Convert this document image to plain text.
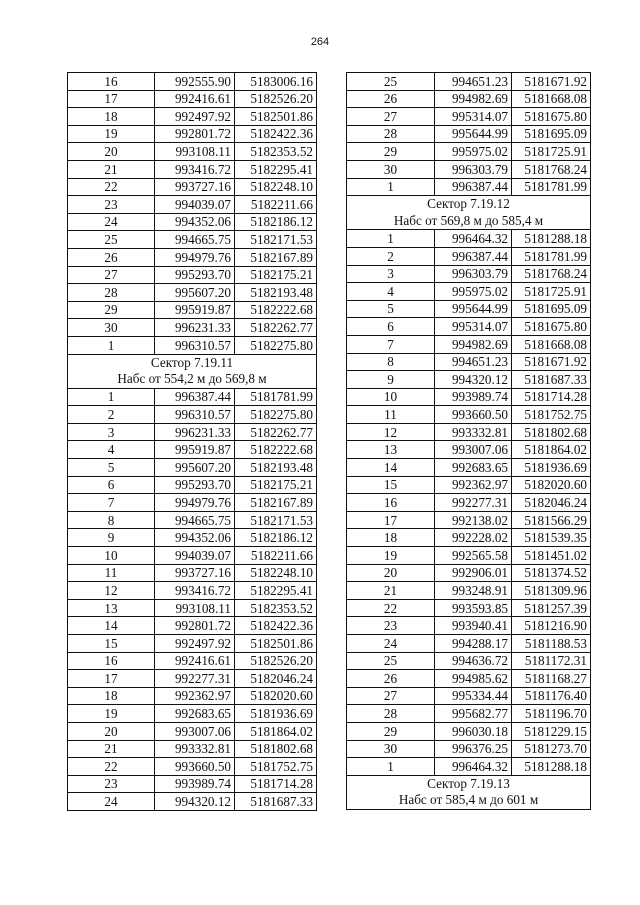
264
16	992555.90	5183006.16
17	992416.61	5182526.20
18	992497.92	5182501.86
19	992801.72	5182422.36
20	993108.11	5182353.52
21	993416.72	5182295.41
22	993727.16	5182248.10
23	994039.07	5182211.66
24	994352.06	5182186.12
25	994665.75	5182171.53
26	994979.76	5182167.89
27	995293.70	5182175.21
28	995607.20	5182193.48
29	995919.87	5182222.68
30	996231.33	5182262.77
1	996310.57	5182275.80

Сектор 7.19.11
Набс от 554,2 м до 569,8 м		

1	996387.44	5181781.99
2	996310.57	5182275.80
3	996231.33	5182262.77
4	995919.87	5182222.68
5	995607.20	5182193.48
6	995293.70	5182175.21
7	994979.76	5182167.89
8	994665.75	5182171.53
9	994352.06	5182186.12
10	994039.07	5182211.66
11	993727.16	5182248.10
12	993416.72	5182295.41
13	993108.11	5182353.52
14	992801.72	5182422.36
15	992497.92	5182501.86
16	992416.61	5182526.20
17	992277.31	5182046.24
18	992362.97	5182020.60
19	992683.65	5181936.69
20	993007.06	5181864.02
21	993332.81	5181802.68
22	993660.50	5181752.75
23	993989.74	5181714.28
24	994320.12	5181687.33
25	994651.23	5181671.92
26	994982.69	5181668.08
27	995314.07	5181675.80
28	995644.99	5181695.09
29	995975.02	5181725.91
30	996303.79	5181768.24
1	996387.44	5181781.99

Сектор 7.19.12
Набс от 569,8 м до 585,4 м		

1	996464.32	5181288.18
2	996387.44	5181781.99
3	996303.79	5181768.24
4	995975.02	5181725.91
5	995644.99	5181695.09
6	995314.07	5181675.80
7	994982.69	5181668.08
8	994651.23	5181671.92
9	994320.12	5181687.33
10	993989.74	5181714.28
11	993660.50	5181752.75
12	993332.81	5181802.68
13	993007.06	5181864.02
14	992683.65	5181936.69
15	992362.97	5182020.60
16	992277.31	5182046.24
17	992138.02	5181566.29
18	992228.02	5181539.35
19	992565.58	5181451.02
20	992906.01	5181374.52
21	993248.91	5181309.96
22	993593.85	5181257.39
23	993940.41	5181216.90
24	994288.17	5181188.53
25	994636.72	5181172.31
26	994985.62	5181168.27
27	995334.44	5181176.40
28	995682.77	5181196.70
29	996030.18	5181229.15
30	996376.25	5181273.70
1	996464.32	5181288.18

Сектор 7.19.13
Набс от 585,4 м до 601 м		
